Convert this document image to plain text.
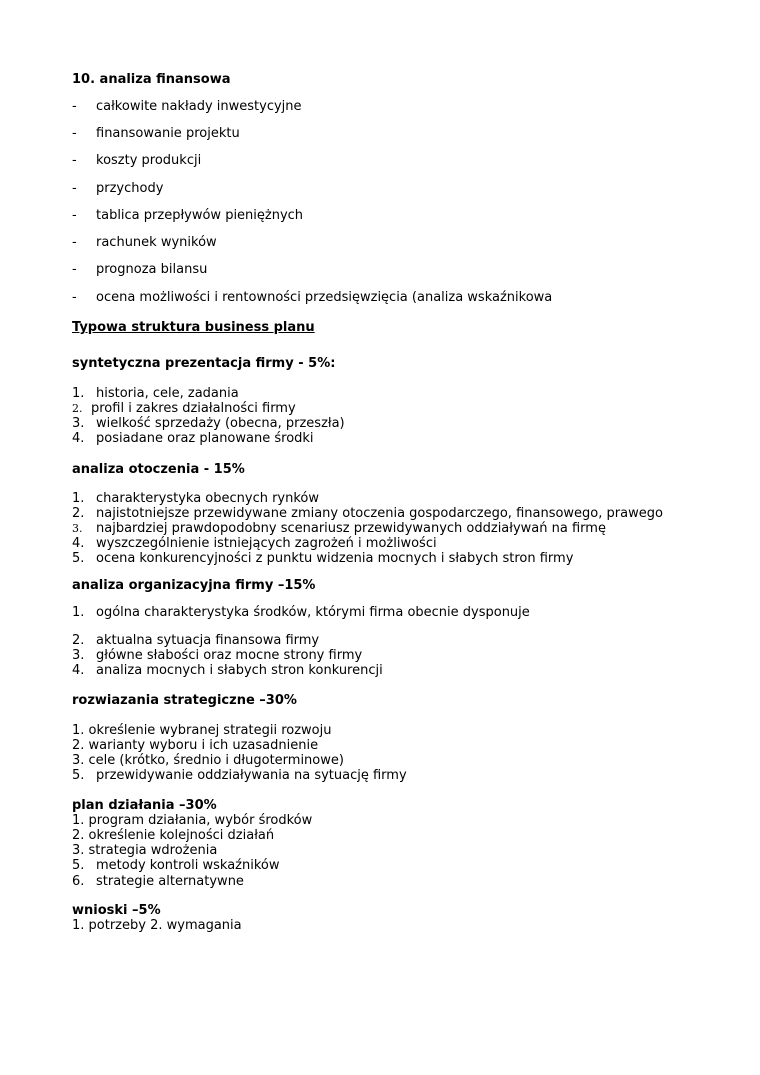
10. analiza finansowa
- całkowite nakłady inwestycyjne
- finansowanie projektu
- koszty produkcji
- przychody
- tablica przepływów pieniężnych
- rachunek wyników
- prognoza bilansu
- ocena możliwości i rentowności przedsięwzięcia (analiza wskaźnikowa
Typowa struktura business planu
syntetyczna prezentacja firmy - 5%:
1. historia, cele, zadania
2. profil i zakres działalności firmy
3. wielkość sprzedaży (obecna, przeszła)
4. posiadane oraz planowane środki
analiza otoczenia - 15%
1. charakterystyka obecnych rynków
2. najistotniejsze przewidywane zmiany otoczenia gospodarczego, finansowego, prawego
3. najbardziej prawdopodobny scenariusz przewidywanych oddziaływań na firmę
4. wyszczególnienie istniejących zagrożeń i możliwości
5. ocena konkurencyjności z punktu widzenia mocnych i słabych stron firmy
analiza organizacyjna firmy –15%
1. ogólna charakterystyka środków, którymi firma obecnie dysponuje
2. aktualna sytuacja finansowa firmy
3. główne słabości oraz mocne strony firmy
4. analiza mocnych i słabych stron konkurencji
rozwiazania strategiczne –30%
1. określenie wybranej strategii rozwoju
2. warianty wyboru i ich uzasadnienie
3. cele (krótko, średnio i długoterminowe)
5. przewidywanie oddziaływania na sytuację firmy
plan działania –30%
1. program działania, wybór środków
2. określenie kolejności działań
3. strategia wdrożenia
5. metody kontroli wskaźników
6. strategie alternatywne
wnioski –5%
1. potrzeby 2. wymagania
